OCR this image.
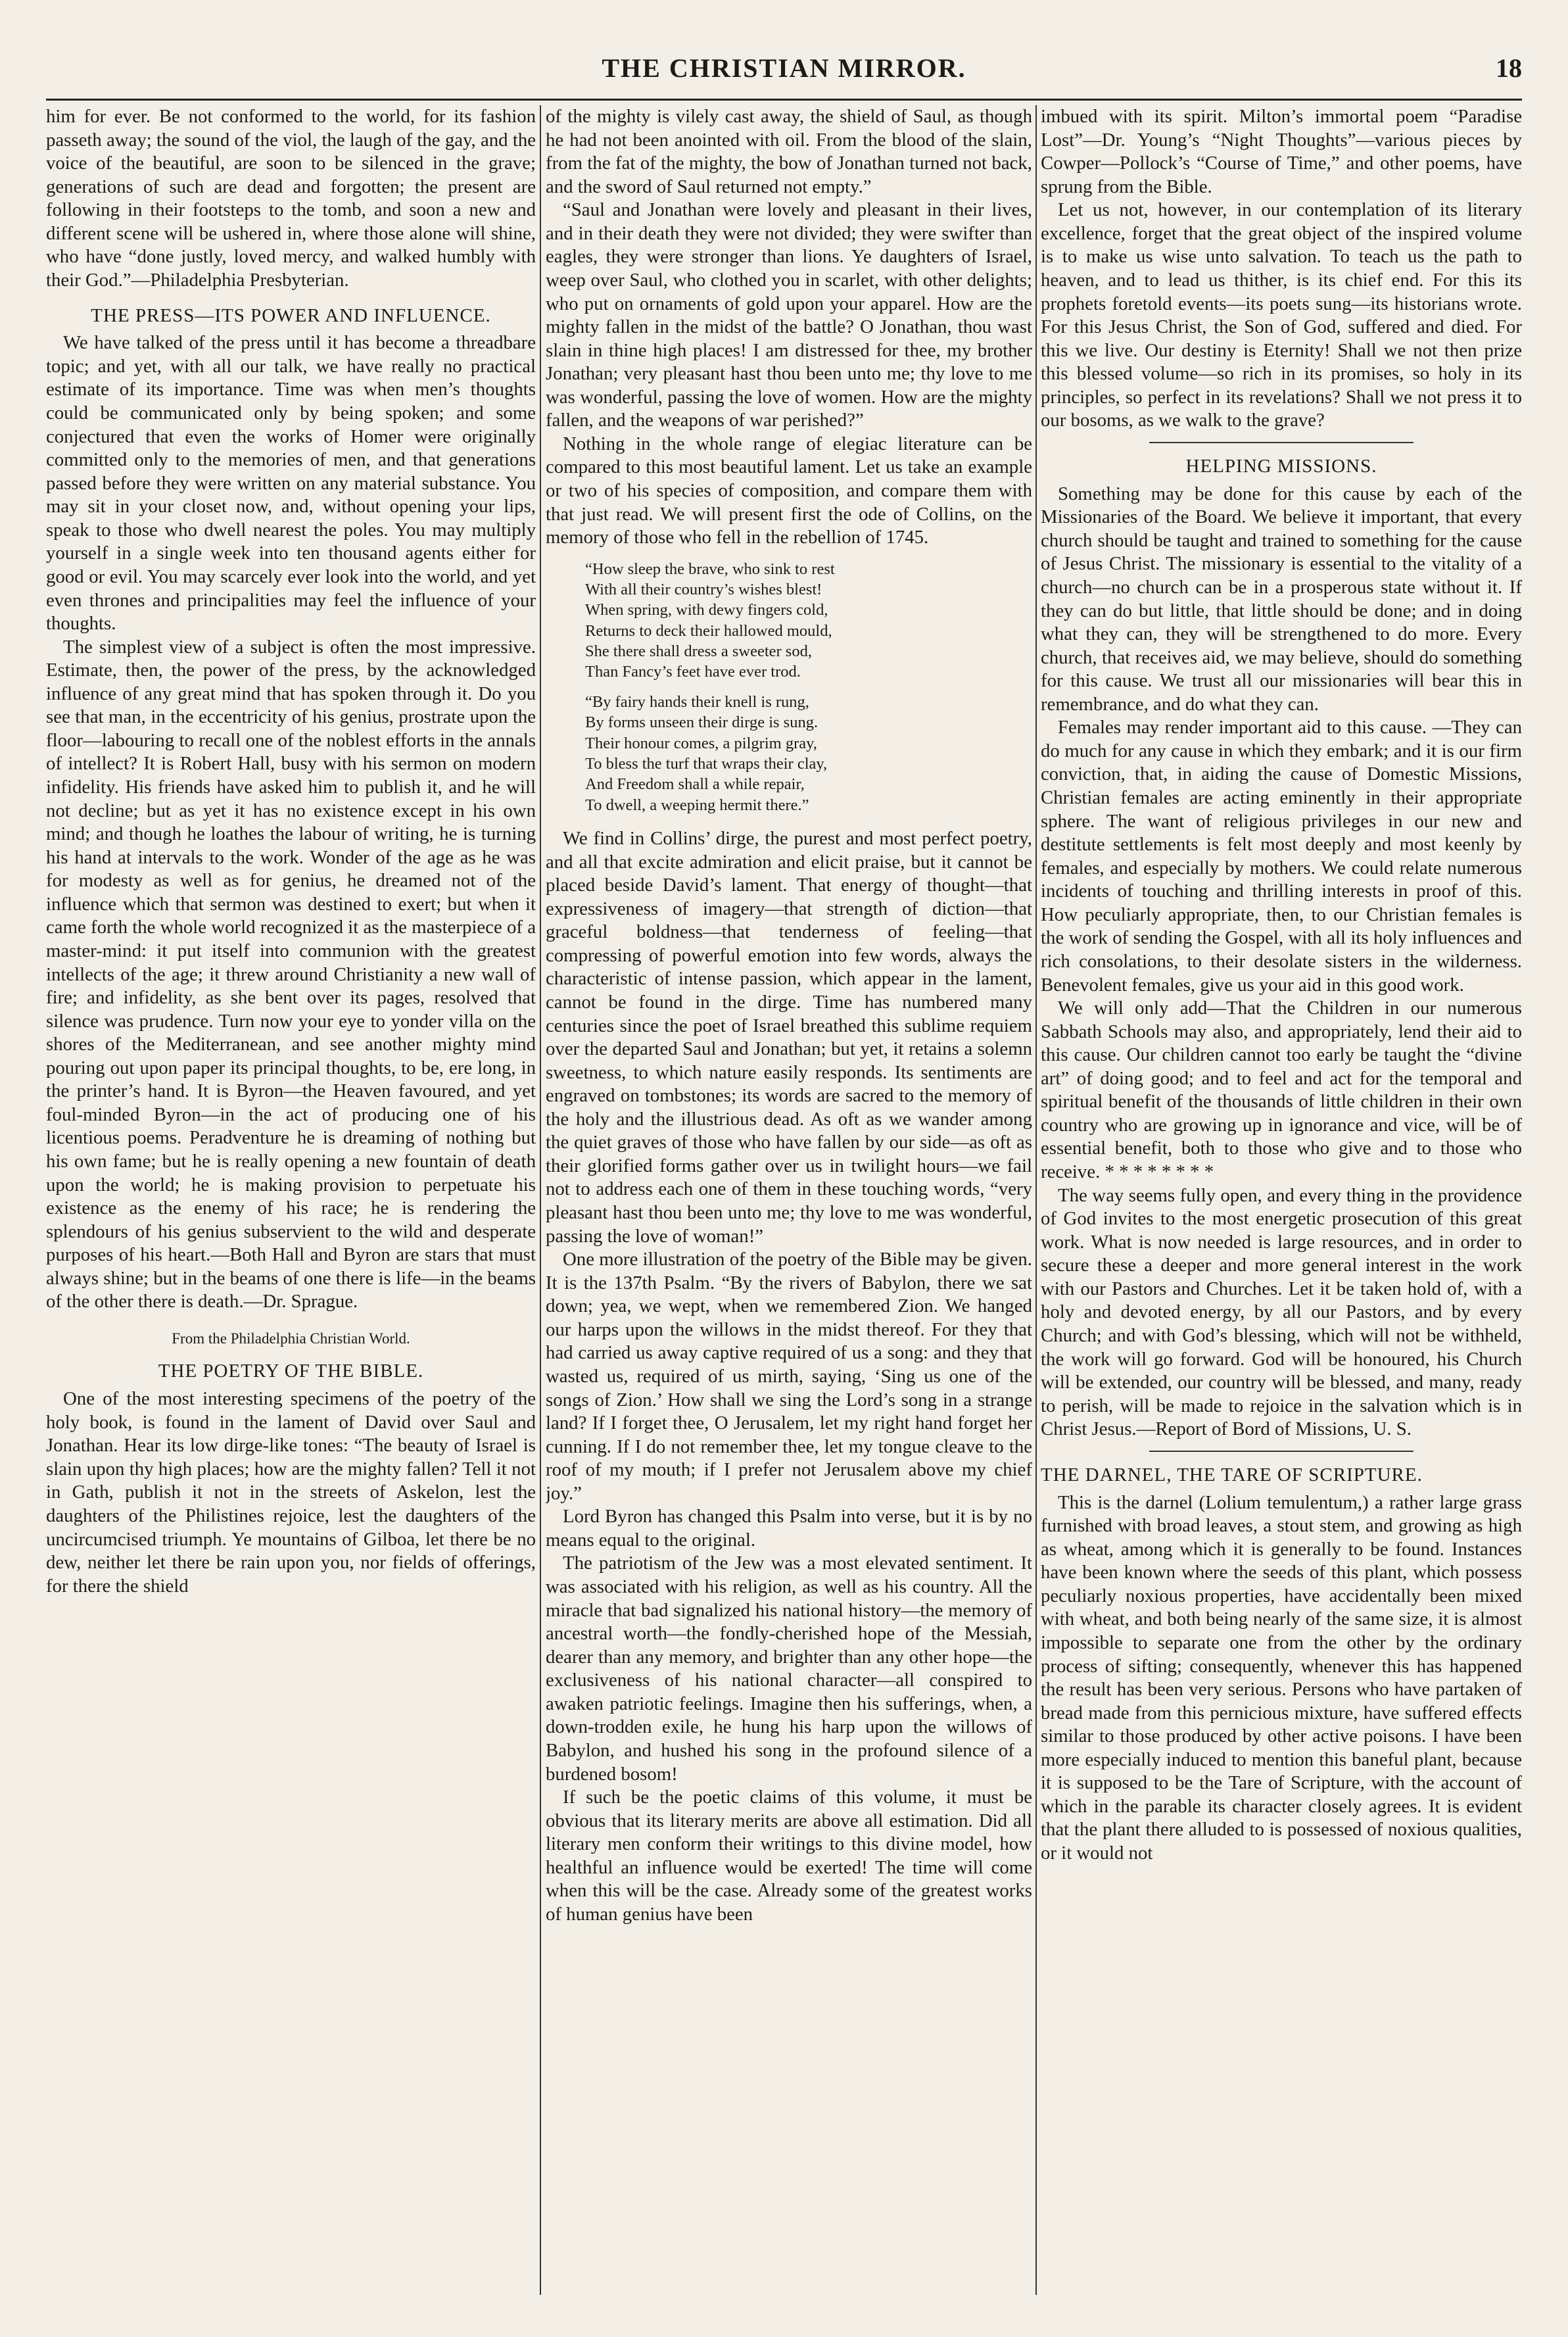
THE CHRISTIAN MIRROR.	18

him for ever. Be not conformed to the world, for its fashion passeth away; the sound of the viol, the laugh of the gay, and the voice of the beautiful, are soon to be silenced in the grave; generations of such are dead and forgotten; the present are following in their footsteps to the tomb, and soon a new and different scene will be ushered in, where those alone will shine, who have “done justly, loved mercy, and walked humbly with their God.”—Philadelphia Presbyterian.

THE PRESS—ITS POWER AND INFLUENCE.

We have talked of the press until it has become a threadbare topic; and yet, with all our talk, we have really no practical estimate of its importance. Time was when men’s thoughts could be communicated only by being spoken; and some conjectured that even the works of Homer were originally committed only to the memories of men, and that generations passed before they were written on any material substance. You may sit in your closet now, and, without opening your lips, speak to those who dwell nearest the poles. You may multiply yourself in a single week into ten thousand agents either for good or evil. You may scarcely ever look into the world, and yet even thrones and principalities may feel the influence of your thoughts.

The simplest view of a subject is often the most impressive. Estimate, then, the power of the press, by the acknowledged influence of any great mind that has spoken through it. Do you see that man, in the eccentricity of his genius, prostrate upon the floor—labouring to recall one of the noblest efforts in the annals of intellect? It is Robert Hall, busy with his sermon on modern infidelity. His friends have asked him to publish it, and he will not decline; but as yet it has no existence except in his own mind; and though he loathes the labour of writing, he is turning his hand at intervals to the work. Wonder of the age as he was for modesty as well as for genius, he dreamed not of the influence which that sermon was destined to exert; but when it came forth the whole world recognized it as the masterpiece of a master-mind: it put itself into communion with the greatest intellects of the age; it threw around Christianity a new wall of fire; and infidelity, as she bent over its pages, resolved that silence was prudence. Turn now your eye to yonder villa on the shores of the Mediterranean, and see another mighty mind pouring out upon paper its principal thoughts, to be, ere long, in the printer’s hand. It is Byron—the Heaven favoured, and yet foul-minded Byron—in the act of producing one of his licentious poems. Peradventure he is dreaming of nothing but his own fame; but he is really opening a new fountain of death upon the world; he is making provision to perpetuate his existence as the enemy of his race; he is rendering the splendours of his genius subservient to the wild and desperate purposes of his heart.—Both Hall and Byron are stars that must always shine; but in the beams of one there is life—in the beams of the other there is death.—Dr. Sprague.

From the Philadelphia Christian World.
THE POETRY OF THE BIBLE.

One of the most interesting specimens of the poetry of the holy book, is found in the lament of David over Saul and Jonathan. Hear its low dirge-like tones: “The beauty of Israel is slain upon thy high places; how are the mighty fallen? Tell it not in Gath, publish it not in the streets of Askelon, lest the daughters of the Philistines rejoice, lest the daughters of the uncircumcised triumph. Ye mountains of Gilboa, let there be no dew, neither let there be rain upon you, nor fields of offerings, for there the shield

of the mighty is vilely cast away, the shield of Saul, as though he had not been anointed with oil. From the blood of the slain, from the fat of the mighty, the bow of Jonathan turned not back, and the sword of Saul returned not empty.”

“Saul and Jonathan were lovely and pleasant in their lives, and in their death they were not divided; they were swifter than eagles, they were stronger than lions. Ye daughters of Israel, weep over Saul, who clothed you in scarlet, with other delights; who put on ornaments of gold upon your apparel. How are the mighty fallen in the midst of the battle? O Jonathan, thou wast slain in thine high places! I am distressed for thee, my brother Jonathan; very pleasant hast thou been unto me; thy love to me was wonderful, passing the love of women. How are the mighty fallen, and the weapons of war perished?”

Nothing in the whole range of elegiac literature can be compared to this most beautiful lament. Let us take an example or two of his species of composition, and compare them with that just read. We will present first the ode of Collins, on the memory of those who fell in the rebellion of 1745.

“How sleep the brave, who sink to rest
With all their country’s wishes blest!
When spring, with dewy fingers cold,
Returns to deck their hallowed mould,
She there shall dress a sweeter sod,
Than Fancy’s feet have ever trod.
“By fairy hands their knell is rung,
By forms unseen their dirge is sung.
Their honour comes, a pilgrim gray,
To bless the turf that wraps their clay,
And Freedom shall a while repair,
To dwell, a weeping hermit there.”

We find in Collins’ dirge, the purest and most perfect poetry, and all that excite admiration and elicit praise, but it cannot be placed beside David’s lament. That energy of thought—that expressiveness of imagery—that strength of diction—that graceful boldness—that tenderness of feeling—that compressing of powerful emotion into few words, always the characteristic of intense passion, which appear in the lament, cannot be found in the dirge. Time has numbered many centuries since the poet of Israel breathed this sublime requiem over the departed Saul and Jonathan; but yet, it retains a solemn sweetness, to which nature easily responds. Its sentiments are engraved on tombstones; its words are sacred to the memory of the holy and the illustrious dead. As oft as we wander among the quiet graves of those who have fallen by our side—as oft as their glorified forms gather over us in twilight hours—we fail not to address each one of them in these touching words, “very pleasant hast thou been unto me; thy love to me was wonderful, passing the love of woman!”

One more illustration of the poetry of the Bible may be given. It is the 137th Psalm. “By the rivers of Babylon, there we sat down; yea, we wept, when we remembered Zion. We hanged our harps upon the willows in the midst thereof. For they that had carried us away captive required of us a song: and they that wasted us, required of us mirth, saying, ‘Sing us one of the songs of Zion.’ How shall we sing the Lord’s song in a strange land? If I forget thee, O Jerusalem, let my right hand forget her cunning. If I do not remember thee, let my tongue cleave to the roof of my mouth; if I prefer not Jerusalem above my chief joy.”

Lord Byron has changed this Psalm into verse, but it is by no means equal to the original.

The patriotism of the Jew was a most elevated sentiment. It was associated with his religion, as well as his country. All the miracle that bad signalized his national history—the memory of ancestral worth—the fondly-cherished hope of the Messiah, dearer than any memory, and brighter than any other hope—the exclusiveness of his national character—all conspired to awaken patriotic feelings. Imagine then his sufferings, when, a down-trodden exile, he hung his harp upon the willows of Babylon, and hushed his song in the profound silence of a burdened bosom!

If such be the poetic claims of this volume, it must be obvious that its literary merits are above all estimation. Did all literary men conform their writings to this divine model, how healthful an influence would be exerted! The time will come when this will be the case. Already some of the greatest works of human genius have been

imbued with its spirit. Milton’s immortal poem “Paradise Lost”—Dr. Young’s “Night Thoughts”—various pieces by Cowper—Pollock’s “Course of Time,” and other poems, have sprung from the Bible.

Let us not, however, in our contemplation of its literary excellence, forget that the great object of the inspired volume is to make us wise unto salvation. To teach us the path to heaven, and to lead us thither, is its chief end. For this its prophets foretold events—its poets sung—its historians wrote. For this Jesus Christ, the Son of God, suffered and died. For this we live. Our destiny is Eternity! Shall we not then prize this blessed volume—so rich in its promises, so holy in its principles, so perfect in its revelations? Shall we not press it to our bosoms, as we walk to the grave?

HELPING MISSIONS.

Something may be done for this cause by each of the Missionaries of the Board. We believe it important, that every church should be taught and trained to something for the cause of Jesus Christ. The missionary is essential to the vitality of a church—no church can be in a prosperous state without it. If they can do but little, that little should be done; and in doing what they can, they will be strengthened to do more. Every church, that receives aid, we may believe, should do something for this cause. We trust all our missionaries will bear this in remembrance, and do what they can.

Females may render important aid to this cause. —They can do much for any cause in which they embark; and it is our firm conviction, that, in aiding the cause of Domestic Missions, Christian females are acting eminently in their appropriate sphere. The want of religious privileges in our new and destitute settlements is felt most deeply and most keenly by females, and especially by mothers. We could relate numerous incidents of touching and thrilling interests in proof of this. How peculiarly appropriate, then, to our Christian females is the work of sending the Gospel, with all its holy influences and rich consolations, to their desolate sisters in the wilderness. Benevolent females, give us your aid in this good work.

We will only add—That the Children in our numerous Sabbath Schools may also, and appropriately, lend their aid to this cause. Our children cannot too early be taught the “divine art” of doing good; and to feel and act for the temporal and spiritual benefit of the thousands of little children in their own country who are growing up in ignorance and vice, will be of essential benefit, both to those who give and to those who receive. * * * * * * * *

The way seems fully open, and every thing in the providence of God invites to the most energetic prosecution of this great work. What is now needed is large resources, and in order to secure these a deeper and more general interest in the work with our Pastors and Churches. Let it be taken hold of, with a holy and devoted energy, by all our Pastors, and by every Church; and with God’s blessing, which will not be withheld, the work will go forward. God will be honoured, his Church will be extended, our country will be blessed, and many, ready to perish, will be made to rejoice in the salvation which is in Christ Jesus.—Report of Bord of Missions, U. S.

THE DARNEL, THE TARE OF SCRIPTURE.

This is the darnel (Lolium temulentum,) a rather large grass furnished with broad leaves, a stout stem, and growing as high as wheat, among which it is generally to be found. Instances have been known where the seeds of this plant, which possess peculiarly noxious properties, have accidentally been mixed with wheat, and both being nearly of the same size, it is almost impossible to separate one from the other by the ordinary process of sifting; consequently, whenever this has happened the result has been very serious. Persons who have partaken of bread made from this pernicious mixture, have suffered effects similar to those produced by other active poisons. I have been more especially induced to mention this baneful plant, because it is supposed to be the Tare of Scripture, with the account of which in the parable its character closely agrees. It is evident that the plant there alluded to is possessed of noxious qualities, or it would not
